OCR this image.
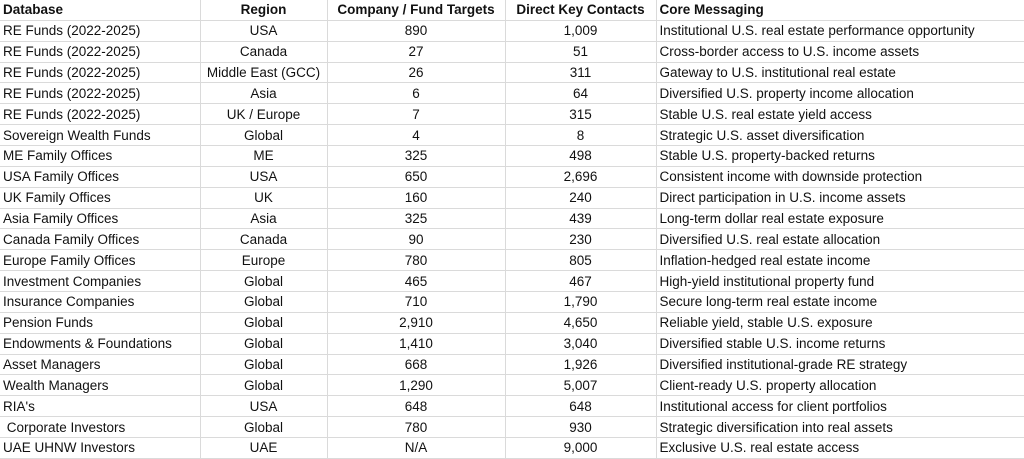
Database	Region	Company / Fund Targets	Direct Key Contacts	Core Messaging
RE Funds (2022-2025)	USA	890	1,009	Institutional U.S. real estate performance opportunity
RE Funds (2022-2025)	Canada	27	51	Cross-border access to U.S. income assets
RE Funds (2022-2025)	Middle East (GCC)	26	311	Gateway to U.S. institutional real estate
RE Funds (2022-2025)	Asia	6	64	Diversified U.S. property income allocation
RE Funds (2022-2025)	UK / Europe	7	315	Stable U.S. real estate yield access
Sovereign Wealth Funds	Global	4	8	Strategic U.S. asset diversification
ME Family Offices	ME	325	498	Stable U.S. property-backed returns
USA Family Offices	USA	650	2,696	Consistent income with downside protection
UK Family Offices	UK	160	240	Direct participation in U.S. income assets
Asia Family Offices	Asia	325	439	Long-term dollar real estate exposure
Canada Family Offices	Canada	90	230	Diversified U.S. real estate allocation
Europe Family Offices	Europe	780	805	Inflation-hedged real estate income
Investment Companies	Global	465	467	High-yield institutional property fund
Insurance Companies	Global	710	1,790	Secure long-term real estate income
Pension Funds	Global	2,910	4,650	Reliable yield, stable U.S. exposure
Endowments & Foundations	Global	1,410	3,040	Diversified stable U.S. income returns
Asset Managers	Global	668	1,926	Diversified institutional-grade RE strategy
Wealth Managers	Global	1,290	5,007	Client-ready U.S. property allocation
RIA's	USA	648	648	Institutional access for client portfolios
Corporate Investors	Global	780	930	Strategic diversification into real assets
UAE UHNW Investors	UAE	N/A	9,000	Exclusive U.S. real estate access
